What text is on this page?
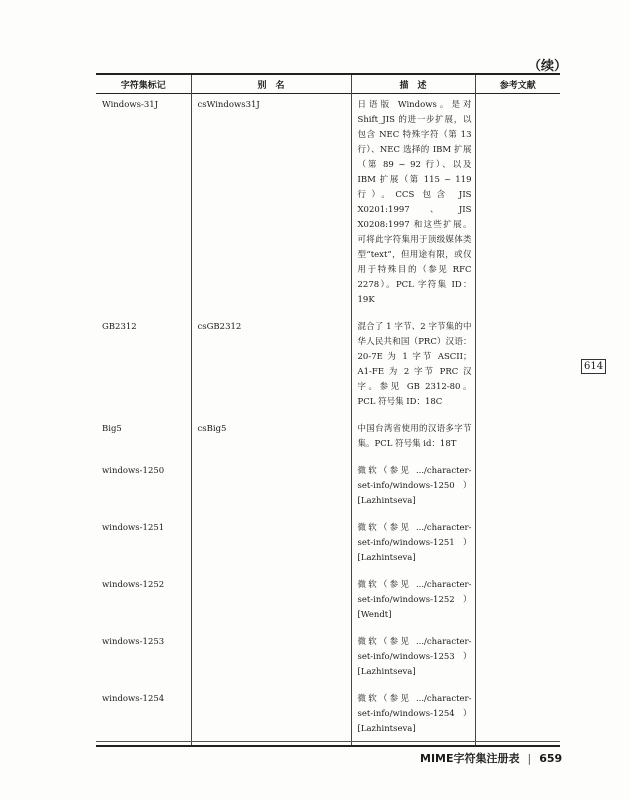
（续）
字符集标记	别　名	描　述	参考文献
Windows-31J	csWindows31J	日语版 Windows。是对 Shift_JIS 的进一步扩展，以包含 NEC 特殊字符（第 13 行）、NEC 选择的 IBM 扩展（第 89 ~ 92 行）、以及 IBM 扩展（第 115 ~ 119 行）。CCS 包含 JIS X0201:1997、JIS X0208:1997 和这些扩展。可将此字符集用于顶级媒体类型“text”，但用途有限，或仅用于特殊目的（参见 RFC 2278）。PCL 字符集 ID：19K	
GB2312	csGB2312	混合了 1 字节、2 字节集的中华人民共和国（PRC）汉语：20-7E 为 1 字节 ASCII；A1-FE 为 2 字节 PRC 汉字。参见 GB 2312-80。PCL 符号集 ID：18C	
Big5	csBig5	中国台湾省使用的汉语多字节集。PCL 符号集 id：18T	
windows-1250		微软（参见 .../character-set-info/windows-1250）[Lazhintseva]	
windows-1251		微软（参见 .../character-set-info/windows-1251）[Lazhintseva]	
windows-1252		微软（参见 .../character-set-info/windows-1252）[Wendt]	
windows-1253		微软（参见 .../character-set-info/windows-1253）[Lazhintseva]	
windows-1254		微软（参见 .../character-set-info/windows-1254）[Lazhintseva]	
614
MIME字符集注册表 | 659
